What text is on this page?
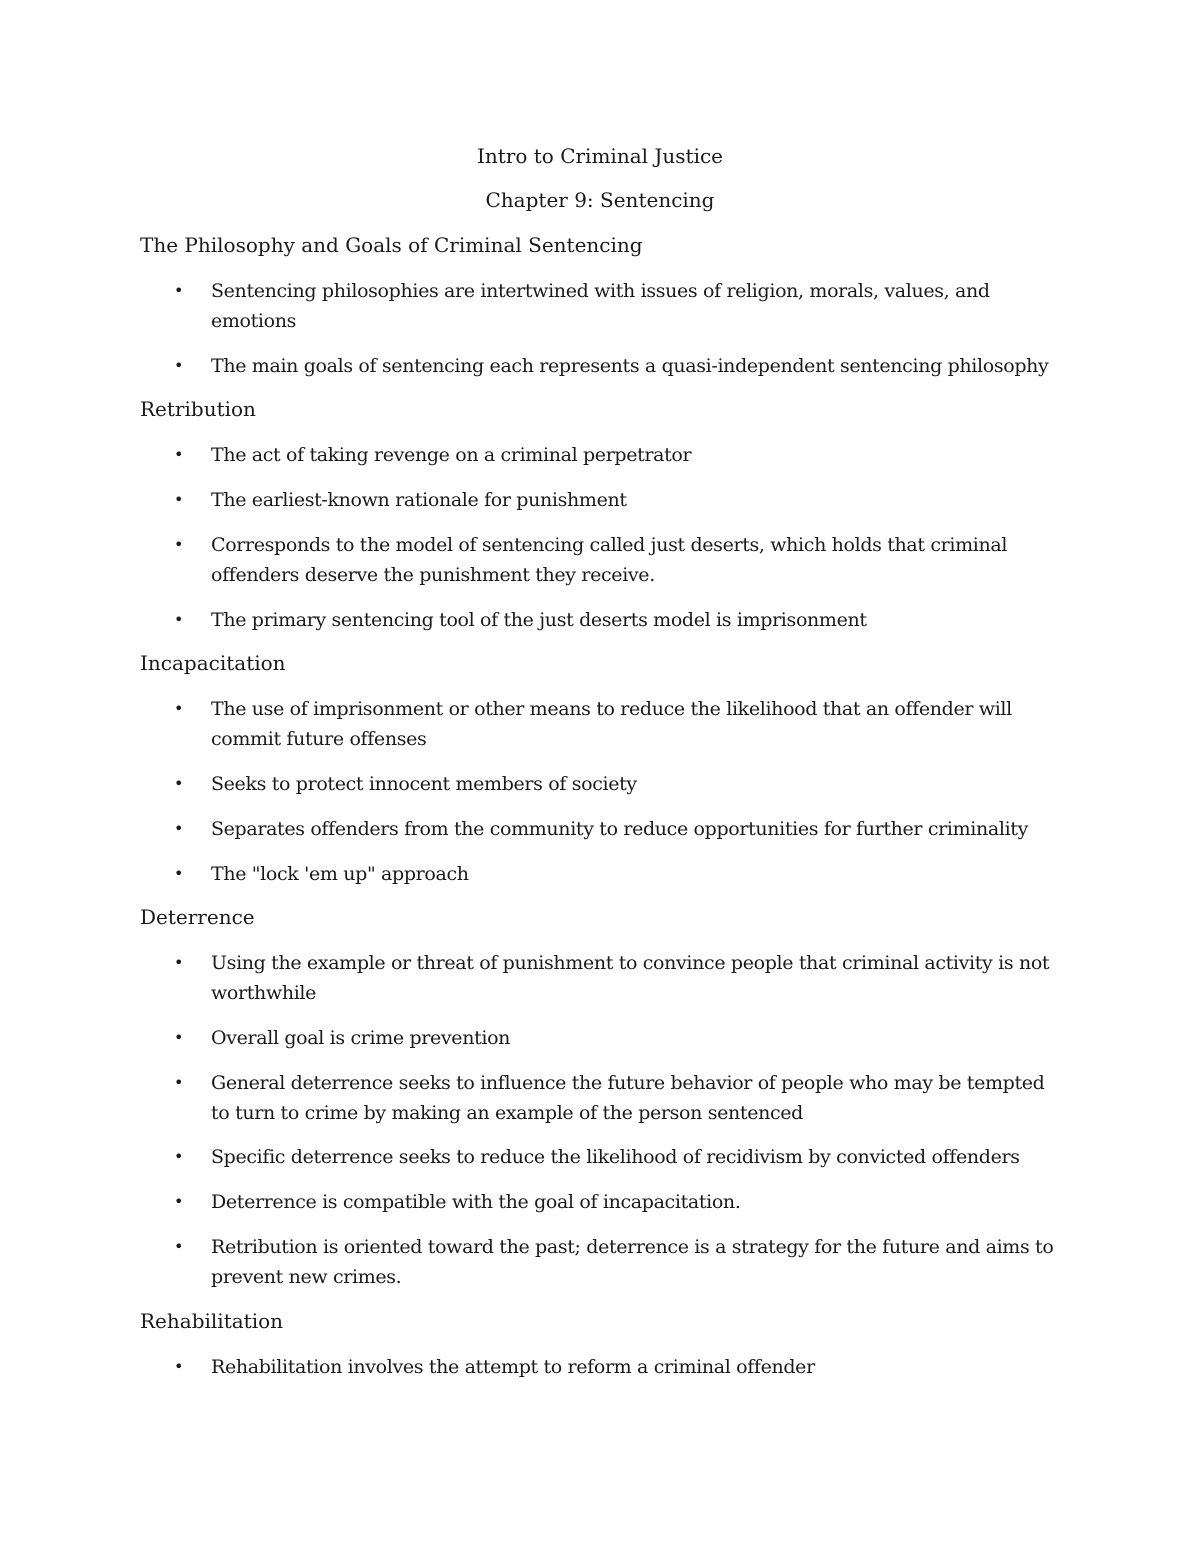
Intro to Criminal Justice
Chapter 9: Sentencing
The Philosophy and Goals of Criminal Sentencing
• Sentencing philosophies are intertwined with issues of religion, morals, values, and
emotions
• The main goals of sentencing each represents a quasi-independent sentencing philosophy
Retribution
• The act of taking revenge on a criminal perpetrator
• The earliest-known rationale for punishment
• Corresponds to the model of sentencing called just deserts, which holds that criminal
offenders deserve the punishment they receive.
• The primary sentencing tool of the just deserts model is imprisonment
Incapacitation
• The use of imprisonment or other means to reduce the likelihood that an offender will
commit future offenses
• Seeks to protect innocent members of society
• Separates offenders from the community to reduce opportunities for further criminality
• The "lock 'em up" approach
Deterrence
• Using the example or threat of punishment to convince people that criminal activity is not
worthwhile
• Overall goal is crime prevention
• General deterrence seeks to influence the future behavior of people who may be tempted
to turn to crime by making an example of the person sentenced
• Specific deterrence seeks to reduce the likelihood of recidivism by convicted offenders
• Deterrence is compatible with the goal of incapacitation.
• Retribution is oriented toward the past; deterrence is a strategy for the future and aims to
prevent new crimes.
Rehabilitation
• Rehabilitation involves the attempt to reform a criminal offender
